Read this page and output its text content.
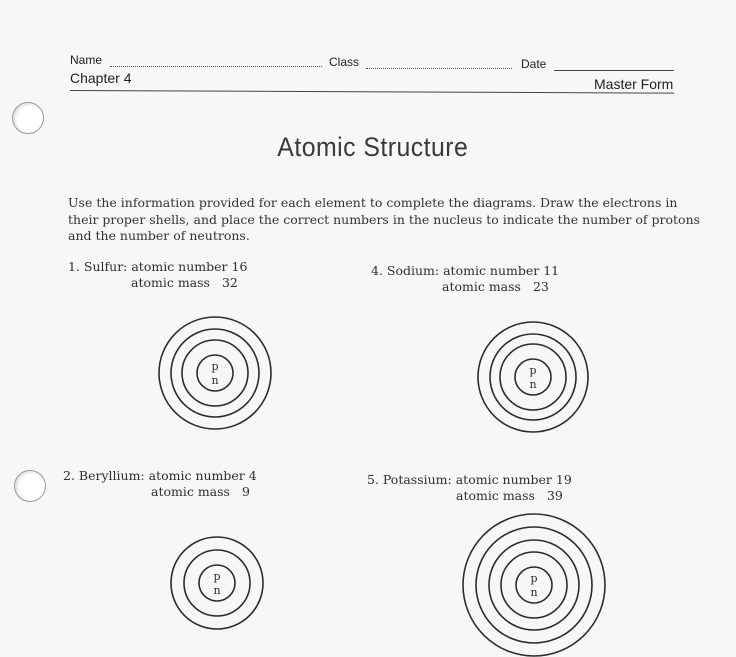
Name	Class	Date
Chapter 4	Master Form
Atomic Structure
Use the information provided for each element to complete the diagrams. Draw the electrons in
their proper shells, and place the correct numbers in the nucleus to indicate the number of protons
and the number of neutrons.
1. Sulfur: atomic number 16
atomic mass 32
p
n
2. Beryllium: atomic number 4
atomic mass 9
p
n
4. Sodium: atomic number 11
atomic mass 23
p
n
5. Potassium: atomic number 19
atomic mass 39
p
n
